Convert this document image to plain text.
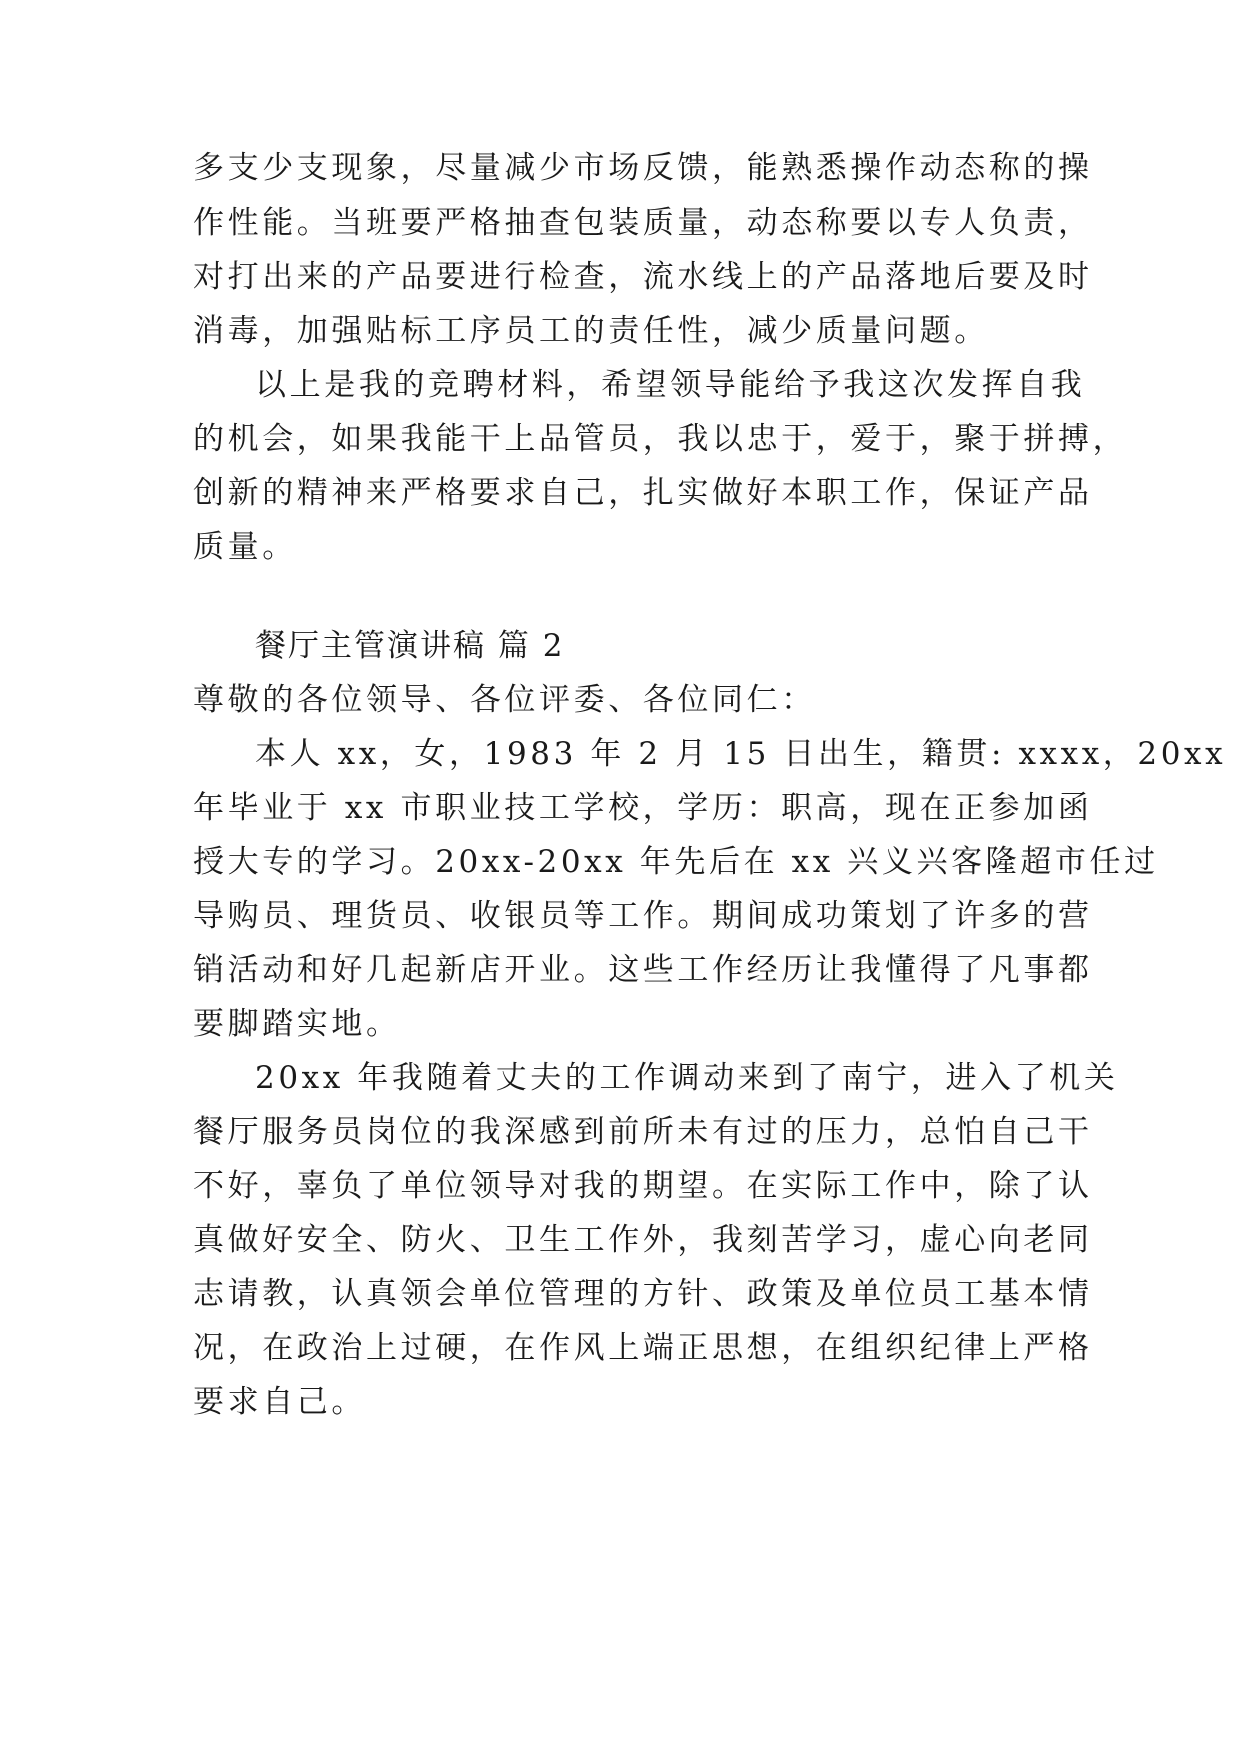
多支少支现象，尽量减少市场反馈，能熟悉操作动态称的操
作性能。当班要严格抽查包装质量，动态称要以专人负责，
对打出来的产品要进行检查，流水线上的产品落地后要及时
消毒，加强贴标工序员工的责任性，减少质量问题。
以上是我的竞聘材料，希望领导能给予我这次发挥自我
的机会，如果我能干上品管员，我以忠于，爱于，聚于拼搏，
创新的精神来严格要求自己，扎实做好本职工作，保证产品
质量。
餐厅主管演讲稿 篇 2
尊敬的各位领导、各位评委、各位同仁：
本人 xx，女，1983 年 2 月 15 日出生，籍贯: xxxx，20xx
年毕业于 xx 市职业技工学校，学历：职高，现在正参加函
授大专的学习。20xx-20xx 年先后在 xx 兴义兴客隆超市任过
导购员、理货员、收银员等工作。期间成功策划了许多的营
销活动和好几起新店开业。这些工作经历让我懂得了凡事都
要脚踏实地。
20xx 年我随着丈夫的工作调动来到了南宁，进入了机关
餐厅服务员岗位的我深感到前所未有过的压力，总怕自己干
不好，辜负了单位领导对我的期望。在实际工作中，除了认
真做好安全、防火、卫生工作外，我刻苦学习，虚心向老同
志请教，认真领会单位管理的方针、政策及单位员工基本情
况，在政治上过硬，在作风上端正思想，在组织纪律上严格
要求自己。
